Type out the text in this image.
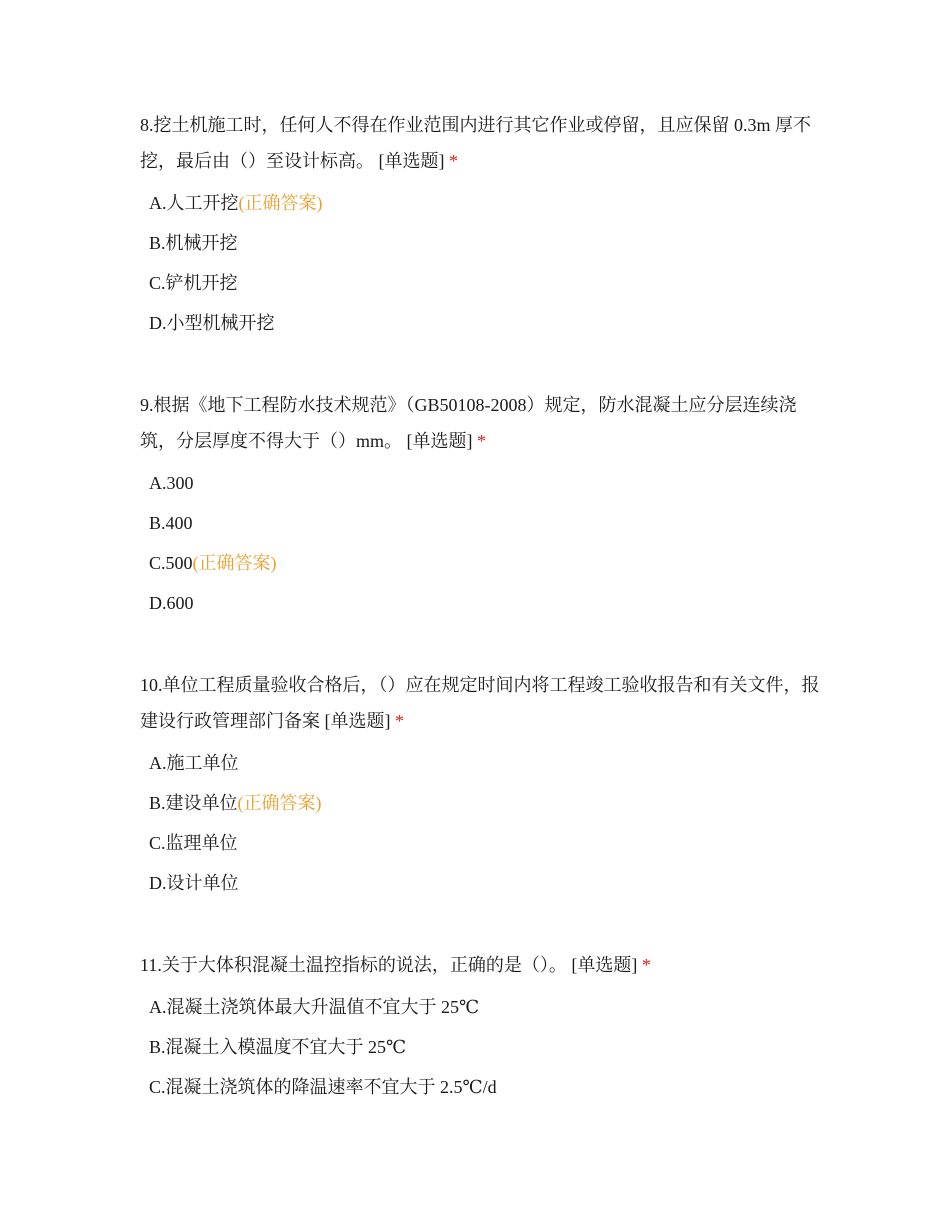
8.挖土机施工时，任何人不得在作业范围内进行其它作业或停留，且应保留 0.3m 厚不挖，最后由（）至设计标高。 [单选题] *

A.人工开挖(正确答案)
B.机械开挖
C.铲机开挖
D.小型机械开挖

9.根据《地下工程防水技术规范》（GB50108-2008）规定，防水混凝土应分层连续浇筑，分层厚度不得大于（）mm。 [单选题] *

A.300
B.400
C.500(正确答案)
D.600

10.单位工程质量验收合格后，（）应在规定时间内将工程竣工验收报告和有关文件，报建设行政管理部门备案 [单选题] *

A.施工单位
B.建设单位(正确答案)
C.监理单位
D.设计单位

11.关于大体积混凝土温控指标的说法，正确的是（）。 [单选题] *

A.混凝土浇筑体最大升温值不宜大于 25℃
B.混凝土入模温度不宜大于 25℃
C.混凝土浇筑体的降温速率不宜大于 2.5℃/d
